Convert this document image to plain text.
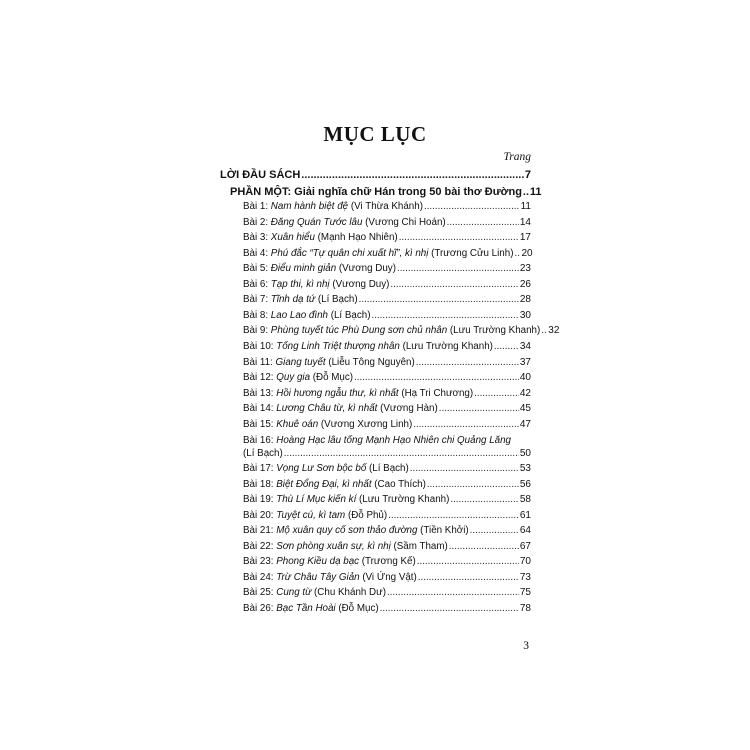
MỤC LỤC
Trang
LỜI ĐẦU SÁCH .....	7
PHẦN MỘT: Giải nghĩa chữ Hán trong 50 bài thơ Đường ..... 11
Bài 1: Nam hành biệt đệ (Vi Thừa Khánh) .....	11
Bài 2: Đăng Quán Tước lâu (Vương Chi Hoán) .....	14
Bài 3: Xuân hiểu (Mạnh Hạo Nhiên) .....	17
Bài 4: Phú đắc “Tự quân chi xuất hĩ”, kì nhị (Trương Cửu Linh) ..... 20
Bài 5: Điểu minh giản (Vương Duy) .....	23
Bài 6: Tạp thi, kì nhị (Vương Duy) .....	26
Bài 7: Tĩnh dạ tứ (Lí Bạch) .....	28
Bài 8: Lao Lao đình (Lí Bạch) .....	30
Bài 9: Phùng tuyết túc Phù Dung sơn chủ nhân (Lưu Trường Khanh) ..... 32
Bài 10: Tống Linh Triệt thượng nhân (Lưu Trường Khanh) .....	34
Bài 11: Giang tuyết (Liễu Tông Nguyên) .....	37
Bài 12: Quy gia (Đỗ Mục) .....	40
Bài 13: Hồi hương ngẫu thư, kì nhất (Hạ Tri Chương) .....	42
Bài 14: Lương Châu từ, kì nhất (Vương Hàn) .....	45
Bài 15: Khuê oán (Vương Xương Linh) .....	47
Bài 16: Hoàng Hạc lâu tống Mạnh Hạo Nhiên chi Quảng Lăng
(Lí Bạch) .....	50
Bài 17: Vọng Lư Sơn bộc bố (Lí Bạch) .....	53
Bài 18: Biệt Đổng Đại, kì nhất (Cao Thích) .....	56
Bài 19: Thù Lí Mục kiến kí (Lưu Trường Khanh) .....	58
Bài 20: Tuyệt cú, kì tam (Đỗ Phủ) .....	61
Bài 21: Mộ xuân quy cố sơn thảo đường (Tiền Khởi) .....	64
Bài 22: Sơn phòng xuân sự, kì nhị (Sầm Tham) .....	67
Bài 23: Phong Kiều dạ bạc (Trương Kế) .....	70
Bài 24: Trừ Châu Tây Giản (Vi Ứng Vật) .....	73
Bài 25: Cung từ (Chu Khánh Dư) .....	75
Bài 26: Bạc Tần Hoài (Đỗ Mục) .....	78
3
